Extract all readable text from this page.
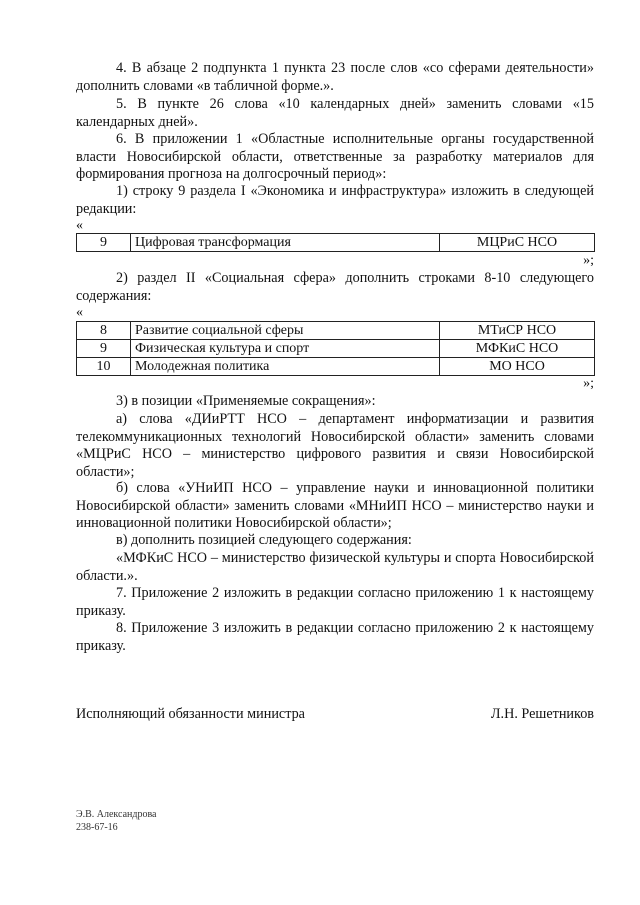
4. В абзаце 2 подпункта 1 пункта 23 после слов «со сферами деятельности» дополнить словами «в табличной форме.».
5. В пункте 26 слова «10 календарных дней» заменить словами «15 календарных дней».
6. В приложении 1 «Областные исполнительные органы государственной власти Новосибирской области, ответственные за разработку материалов для формирования прогноза на долгосрочный период»:
1) строку 9 раздела I «Экономика и инфраструктура» изложить в следующей редакции:
«
9	Цифровая трансформация	МЦРиС НСО
»;
2) раздел II «Социальная сфера» дополнить строками 8-10 следующего содержания:
«
8	Развитие социальной сферы	МТиСР НСО
9	Физическая культура и спорт	МФКиС НСО
10	Молодежная политика	МО НСО
»;
3) в позиции «Применяемые сокращения»:
а) слова «ДИиРТТ НСО – департамент информатизации и развития телекоммуникационных технологий Новосибирской области» заменить словами «МЦРиС НСО – министерство цифрового развития и связи Новосибирской области»;
б) слова «УНиИП НСО – управление науки и инновационной политики Новосибирской области» заменить словами «МНиИП НСО – министерство науки и инновационной политики Новосибирской области»;
в) дополнить позицией следующего содержания:
«МФКиС НСО – министерство физической культуры и спорта Новосибирской области.».
7. Приложение 2 изложить в редакции согласно приложению 1 к настоящему приказу.
8. Приложение 3 изложить в редакции согласно приложению 2 к настоящему приказу.
Исполняющий обязанности министра	Л.Н. Решетников
Э.В. Александрова
238-67-16
